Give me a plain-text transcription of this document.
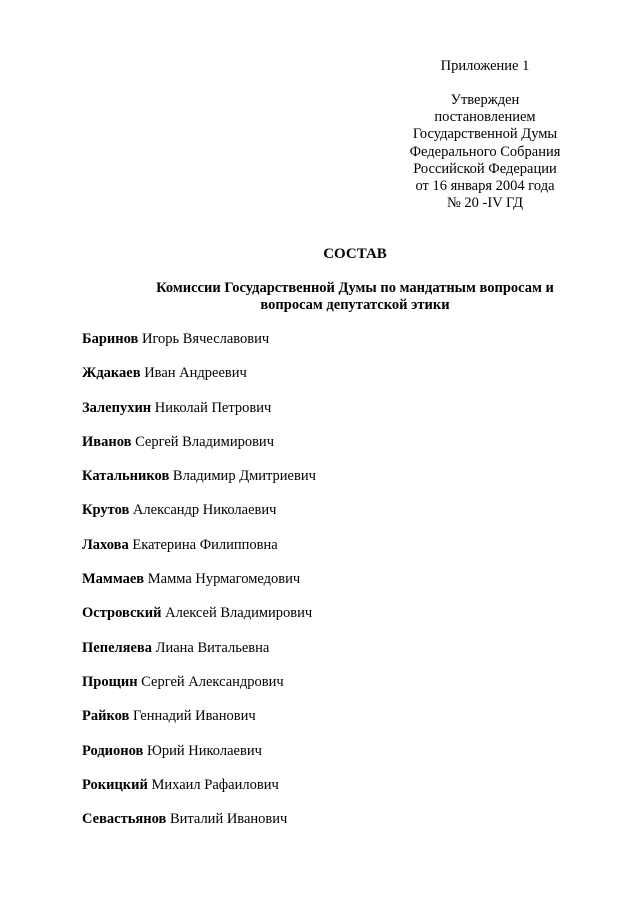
Приложение 1
Утвержден
постановлением
Государственной Думы
Федерального Собрания
Российской Федерации
от 16 января 2004 года
№ 20 -IV ГД
СОСТАВ
Комиссии Государственной Думы по мандатным вопросам и
вопросам депутатской этики
Баринов Игорь Вячеславович
Ждакаев Иван Андреевич
Залепухин Николай Петрович
Иванов Сергей Владимирович
Катальников Владимир Дмитриевич
Крутов Александр Николаевич
Лахова Екатерина Филипповна
Маммаев Мамма Нурмагомедович
Островский Алексей Владимирович
Пепеляева Лиана Витальевна
Прощин Сергей Александрович
Райков Геннадий Иванович
Родионов Юрий Николаевич
Рокицкий Михаил Рафаилович
Севастьянов Виталий Иванович
